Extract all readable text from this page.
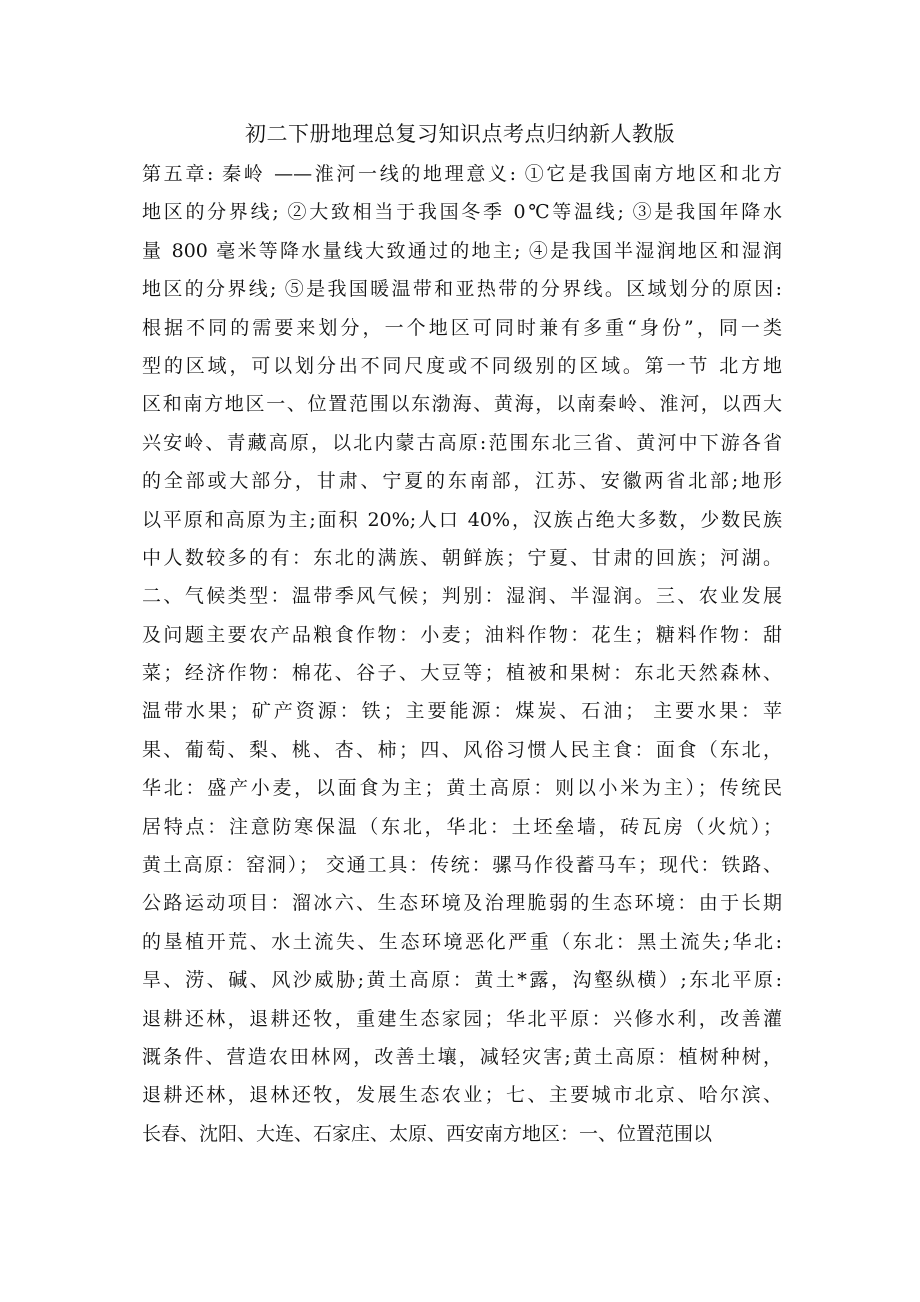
初二下册地理总复习知识点考点归纳新人教版
第五章: 秦岭 ——淮河一线的地理意义: ①它是我国南方地区和北方
地区的分界线; ②大致相当于我国冬季 0℃等温线; ③是我国年降水
量 800 毫米等降水量线大致通过的地主; ④是我国半湿润地区和湿润
地区的分界线; ⑤是我国暖温带和亚热带的分界线。区域划分的原因:
根据不同的需要来划分，一个地区可同时兼有多重“身份”，同一类
型的区域，可以划分出不同尺度或不同级别的区域。第一节 北方地
区和南方地区一、位置范围以东渤海、黄海，以南秦岭、淮河，以西大
兴安岭、青藏高原，以北内蒙古高原:范围东北三省、黄河中下游各省
的全部或大部分，甘肃、宁夏的东南部，江苏、安徽两省北部;地形
以平原和高原为主;面积 20%;人口 40%，汉族占绝大多数，少数民族
中人数较多的有：东北的满族、朝鲜族；宁夏、甘肃的回族；河湖。
二、气候类型：温带季风气候；判别：湿润、半湿润。三、农业发展
及问题主要农产品粮食作物：小麦；油料作物：花生；糖料作物：甜
菜；经济作物：棉花、谷子、大豆等；植被和果树：东北天然森林、
温带水果；矿产资源：铁；主要能源：煤炭、石油； 主要水果：苹
果、葡萄、梨、桃、杏、柿；四、风俗习惯人民主食：面食（东北，
华北：盛产小麦，以面食为主；黄土高原：则以小米为主）；传统民
居特点：注意防寒保温（东北，华北：土坯垒墙，砖瓦房（火炕）；
黄土高原：窑洞）； 交通工具：传统：骡马作役蓄马车；现代：铁路、
公路运动项目：溜冰六、生态环境及治理脆弱的生态环境：由于长期
的垦植开荒、水土流失、生态环境恶化严重（东北：黑土流失;华北:
旱、涝、碱、风沙威胁;黄土高原：黄土*露，沟壑纵横）;东北平原:
退耕还林，退耕还牧，重建生态家园；华北平原：兴修水利，改善灌
溉条件、营造农田林网，改善土壤，减轻灾害;黄土高原：植树种树，
退耕还林，退林还牧，发展生态农业；七、主要城市北京、哈尔滨、
长春、沈阳、大连、石家庄、太原、西安南方地区：一、位置范围以
